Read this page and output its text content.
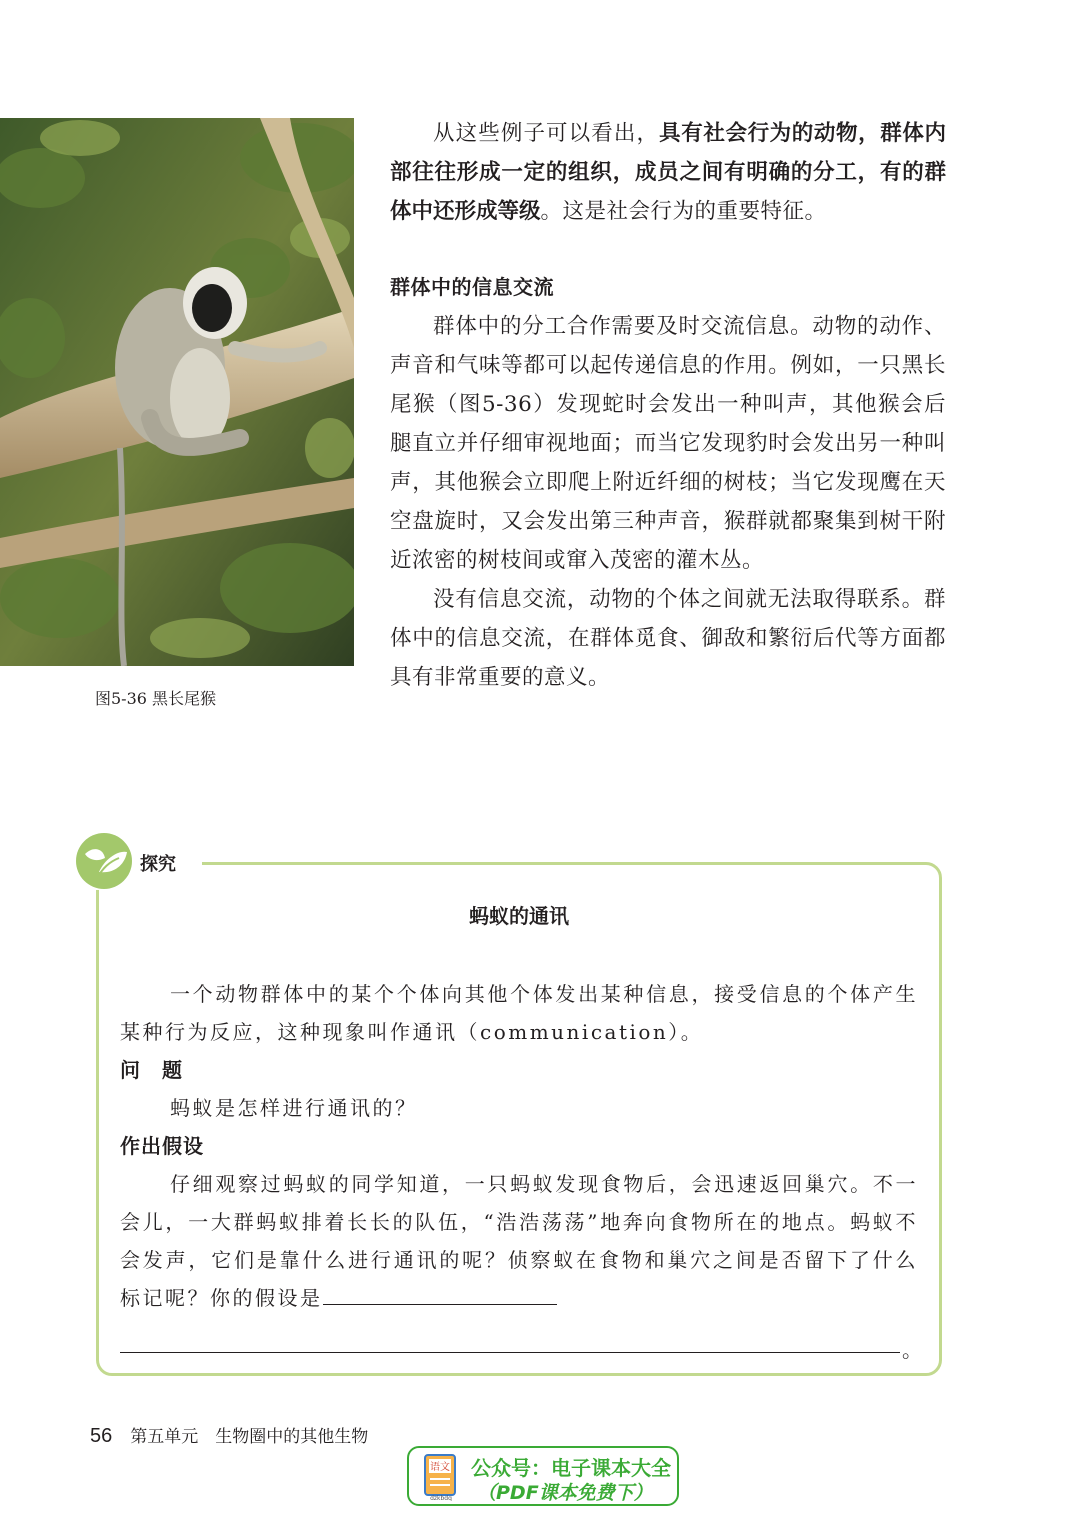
图5-36 黑长尾猴

从这些例子可以看出，具有社会行为的动物，群体内部往往形成一定的组织，成员之间有明确的分工，有的群体中还形成等级。这是社会行为的重要特征。

群体中的信息交流

群体中的分工合作需要及时交流信息。动物的动作、声音和气味等都可以起传递信息的作用。例如，一只黑长尾猴（图5-36）发现蛇时会发出一种叫声，其他猴会后腿直立并仔细审视地面；而当它发现豹时会发出另一种叫声，其他猴会立即爬上附近纤细的树枝；当它发现鹰在天空盘旋时，又会发出第三种声音，猴群就都聚集到树干附近浓密的树枝间或窜入茂密的灌木丛。

没有信息交流，动物的个体之间就无法取得联系。群体中的信息交流，在群体觅食、御敌和繁衍后代等方面都具有非常重要的意义。

探究
蚂蚁的通讯

一个动物群体中的某个个体向其他个体发出某种信息，接受信息的个体产生某种行为反应，这种现象叫作通讯（communication）。

问　题

蚂蚁是怎样进行通讯的？

作出假设

仔细观察过蚂蚁的同学知道，一只蚂蚁发现食物后，会迅速返回巢穴。不一会儿，一大群蚂蚁排着长长的队伍，“浩浩荡荡”地奔向食物所在的地点。蚂蚁不会发声，它们是靠什么进行通讯的呢？侦察蚁在食物和巢穴之间是否留下了什么标记呢？你的假设是

。
56 第五单元　生物圈中的其他生物
语文
dzkbdq
公众号：电子课本大全
（PDF课本免费下）
